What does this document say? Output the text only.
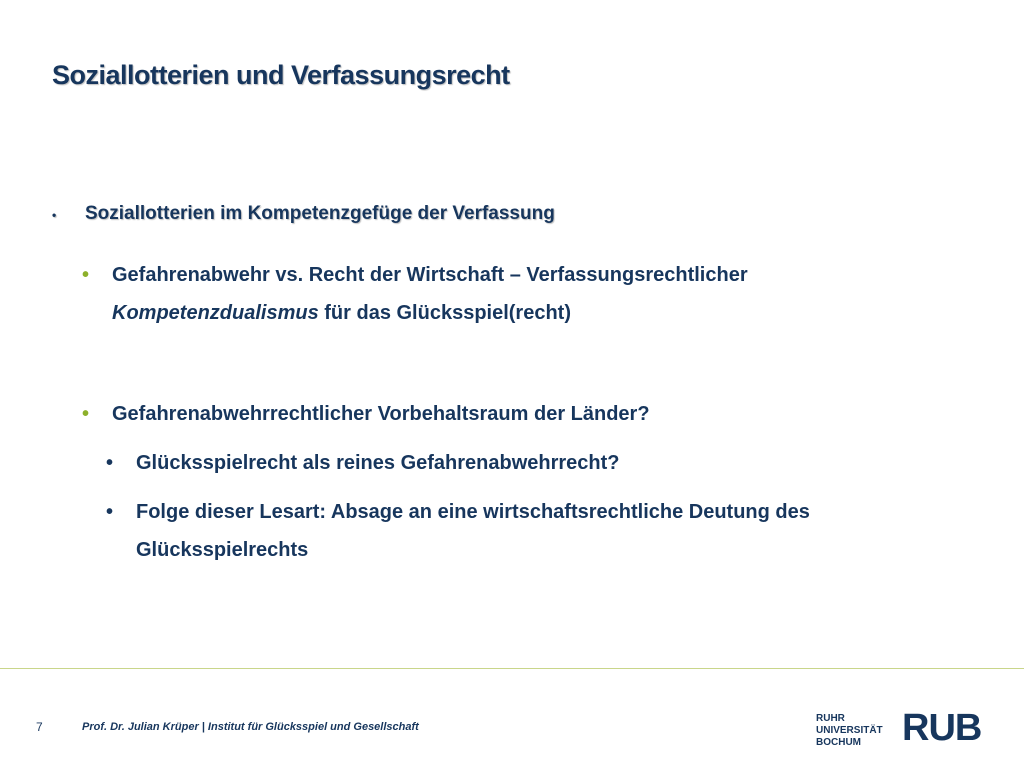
Soziallotterien und Verfassungsrecht
• Soziallotterien im Kompetenzgefüge der Verfassung
• Gefahrenabwehr vs. Recht der Wirtschaft – Verfassungsrechtlicher
Kompetenzdualismus für das Glücksspiel(recht)
• Gefahrenabwehrrechtlicher Vorbehaltsraum der Länder?
• Glücksspielrecht als reines Gefahrenabwehrrecht?
• Folge dieser Lesart: Absage an eine wirtschaftsrechtliche Deutung des
Glücksspielrechts
7	Prof. Dr. Julian Krüper | Institut für Glücksspiel und Gesellschaft
RUHR
UNIVERSITÄT
BOCHUM	RUB
